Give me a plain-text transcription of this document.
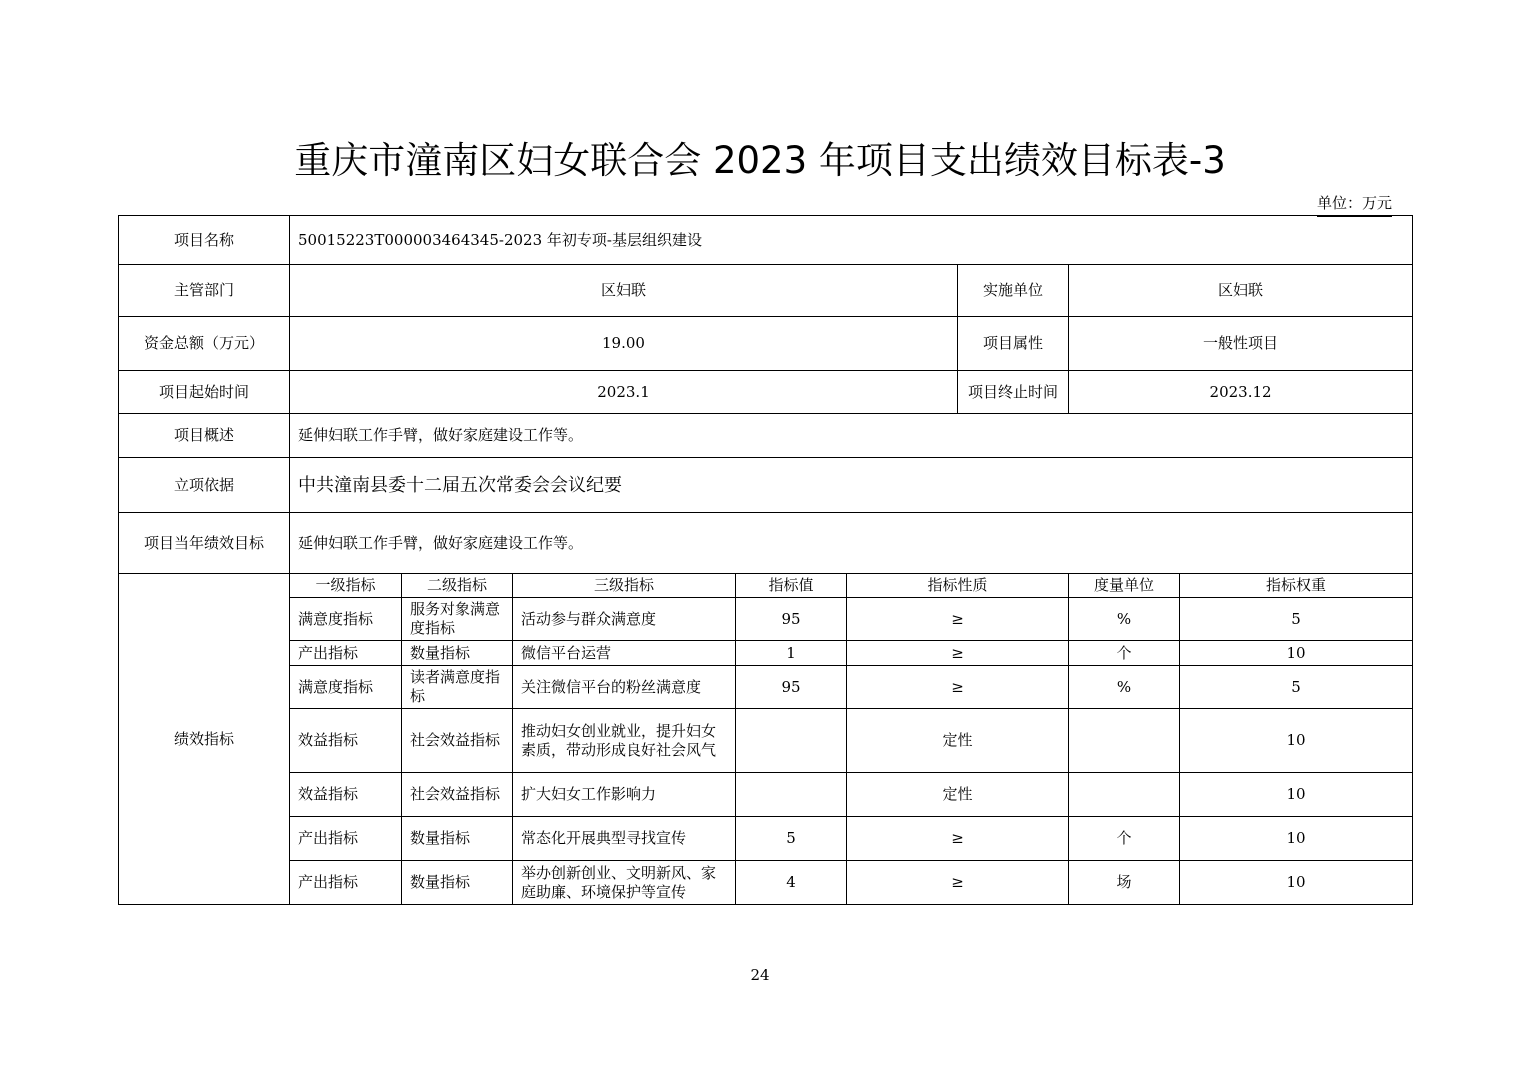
重庆市潼南区妇女联合会 2023 年项目支出绩效目标表-3
单位：万元
项目名称	50015223T000003464345-2023 年初专项-基层组织建设							
主管部门	区妇联					实施单位	区妇联	
资金总额（万元）	19.00					项目属性	一般性项目	
项目起始时间	2023.1					项目终止时间	2023.12	
项目概述	延伸妇联工作手臂，做好家庭建设工作等。							
立项依据	中共潼南县委十二届五次常委会会议纪要							
项目当年绩效目标	延伸妇联工作手臂，做好家庭建设工作等。							
绩效指标	一级指标	二级指标	三级指标	指标值	指标性质		度量单位	指标权重
	满意度指标	服务对象满意度指标	活动参与群众满意度	95	≥		%	5
	产出指标	数量指标	微信平台运营	1	≥		个	10
	满意度指标	读者满意度指标	关注微信平台的粉丝满意度	95	≥		%	5
	效益指标	社会效益指标	推动妇女创业就业，提升妇女素质，带动形成良好社会风气		定性			10
	效益指标	社会效益指标	扩大妇女工作影响力		定性			10
	产出指标	数量指标	常态化开展典型寻找宣传	5	≥		个	10
	产出指标	数量指标	举办创新创业、文明新风、家庭助廉、环境保护等宣传	4	≥		场	10
24
